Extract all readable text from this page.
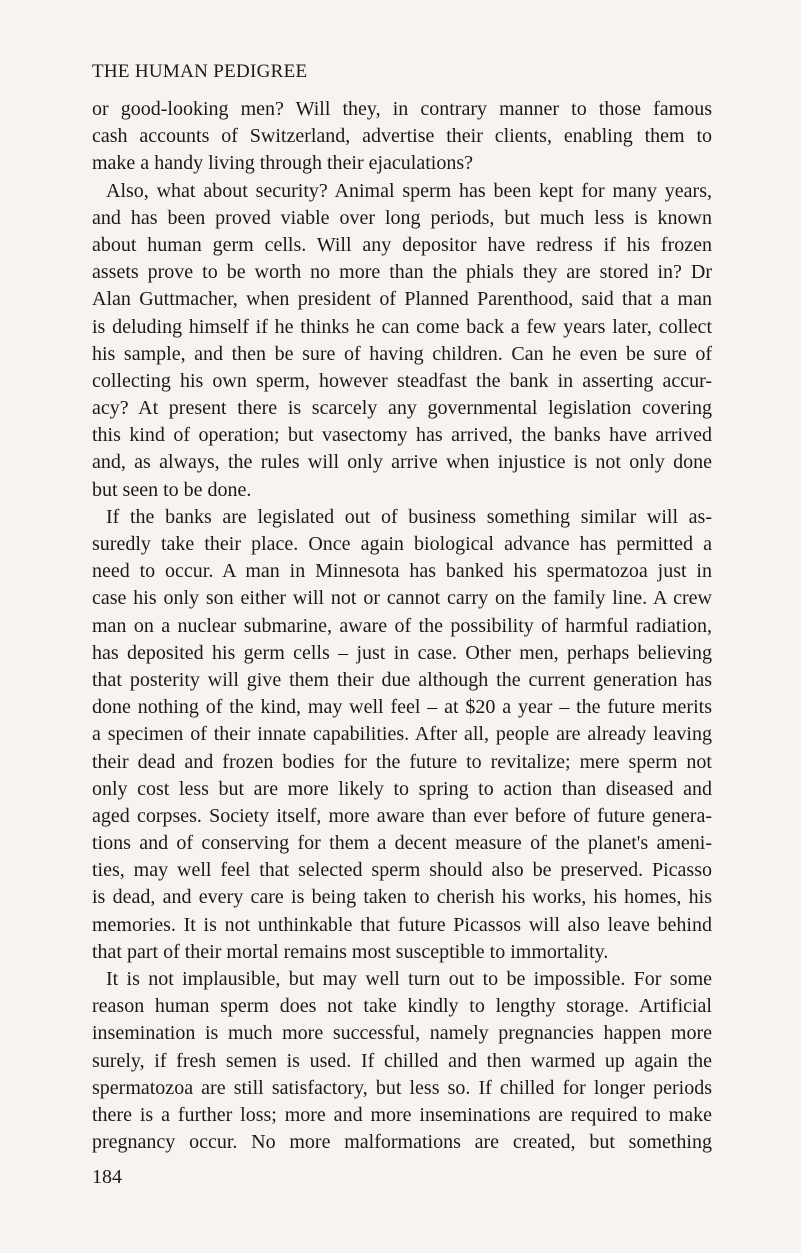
THE HUMAN PEDIGREE
or good-looking men? Will they, in contrary manner to those famous
cash accounts of Switzerland, advertise their clients, enabling them to
make a handy living through their ejaculations?
Also, what about security? Animal sperm has been kept for many years,
and has been proved viable over long periods, but much less is known
about human germ cells. Will any depositor have redress if his frozen
assets prove to be worth no more than the phials they are stored in? Dr
Alan Guttmacher, when president of Planned Parenthood, said that a man
is deluding himself if he thinks he can come back a few years later, collect
his sample, and then be sure of having children. Can he even be sure of
collecting his own sperm, however steadfast the bank in asserting accur-
acy? At present there is scarcely any governmental legislation covering
this kind of operation; but vasectomy has arrived, the banks have arrived
and, as always, the rules will only arrive when injustice is not only done
but seen to be done.
If the banks are legislated out of business something similar will as-
suredly take their place. Once again biological advance has permitted a
need to occur. A man in Minnesota has banked his spermatozoa just in
case his only son either will not or cannot carry on the family line. A crew
man on a nuclear submarine, aware of the possibility of harmful radiation,
has deposited his germ cells – just in case. Other men, perhaps believing
that posterity will give them their due although the current generation has
done nothing of the kind, may well feel – at $20 a year – the future merits
a specimen of their innate capabilities. After all, people are already leaving
their dead and frozen bodies for the future to revitalize; mere sperm not
only cost less but are more likely to spring to action than diseased and
aged corpses. Society itself, more aware than ever before of future genera-
tions and of conserving for them a decent measure of the planet's ameni-
ties, may well feel that selected sperm should also be preserved. Picasso
is dead, and every care is being taken to cherish his works, his homes, his
memories. It is not unthinkable that future Picassos will also leave behind
that part of their mortal remains most susceptible to immortality.
It is not implausible, but may well turn out to be impossible. For some
reason human sperm does not take kindly to lengthy storage. Artificial
insemination is much more successful, namely pregnancies happen more
surely, if fresh semen is used. If chilled and then warmed up again the
spermatozoa are still satisfactory, but less so. If chilled for longer periods
there is a further loss; more and more inseminations are required to make
pregnancy occur. No more malformations are created, but something
184
